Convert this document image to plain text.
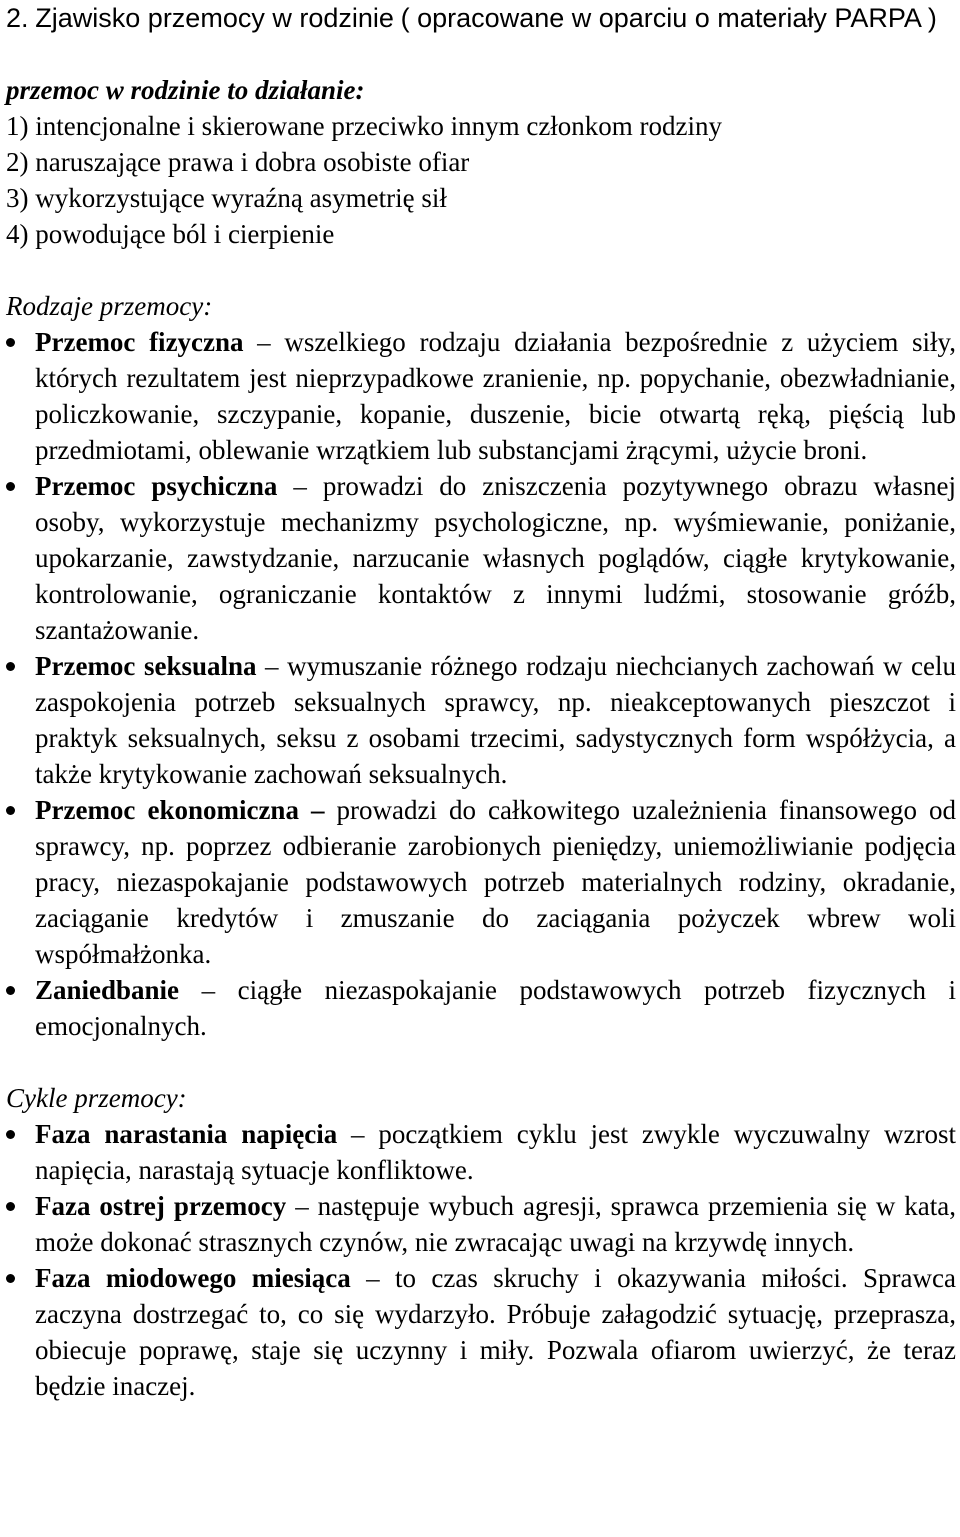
2. Zjawisko przemocy w rodzinie ( opracowane w oparciu o materiały PARPA )

przemoc w rodzinie to działanie:

1) intencjonalne i skierowane przeciwko innym członkom rodziny

2) naruszające prawa i dobra osobiste ofiar

3) wykorzystujące wyraźną asymetrię sił

4) powodujące ból i cierpienie

Rodzaje przemocy:

Przemoc fizyczna – wszelkiego rodzaju działania bezpośrednie z użyciem siły, których rezultatem jest nieprzypadkowe zranienie, np. popychanie, obezwładnianie, policzkowanie, szczypanie, kopanie, duszenie, bicie otwartą ręką, pięścią lub przedmiotami, oblewanie wrzątkiem lub substancjami żrącymi, użycie broni.
Przemoc psychiczna – prowadzi do zniszczenia pozytywnego obrazu własnej osoby, wykorzystuje mechanizmy psychologiczne, np. wyśmiewanie, poniżanie, upokarzanie, zawstydzanie, narzucanie własnych poglądów, ciągłe krytykowanie, kontrolowanie, ograniczanie kontaktów z innymi ludźmi, stosowanie gróźb, szantażowanie.
Przemoc seksualna – wymuszanie różnego rodzaju niechcianych zachowań w celu zaspokojenia potrzeb seksualnych sprawcy, np. nieakceptowanych pieszczot i praktyk seksualnych, seksu z osobami trzecimi, sadystycznych form współżycia, a także krytykowanie zachowań seksualnych.
Przemoc ekonomiczna – prowadzi do całkowitego uzależnienia finansowego od sprawcy, np. poprzez odbieranie zarobionych pieniędzy, uniemożliwianie podjęcia pracy, niezaspokajanie podstawowych potrzeb materialnych rodziny, okradanie, zaciąganie kredytów i zmuszanie do zaciągania pożyczek wbrew woli współmałżonka.
Zaniedbanie – ciągłe niezaspokajanie podstawowych potrzeb fizycznych i emocjonalnych.

Cykle przemocy:

Faza narastania napięcia – początkiem cyklu jest zwykle wyczuwalny wzrost napięcia, narastają sytuacje konfliktowe.
Faza ostrej przemocy – następuje wybuch agresji, sprawca przemienia się w kata, może dokonać strasznych czynów, nie zwracając uwagi na krzywdę innych.
Faza miodowego miesiąca – to czas skruchy i okazywania miłości. Sprawca zaczyna dostrzegać to, co się wydarzyło. Próbuje załagodzić sytuację, przeprasza, obiecuje poprawę, staje się uczynny i miły. Pozwala ofiarom uwierzyć, że teraz będzie inaczej.
